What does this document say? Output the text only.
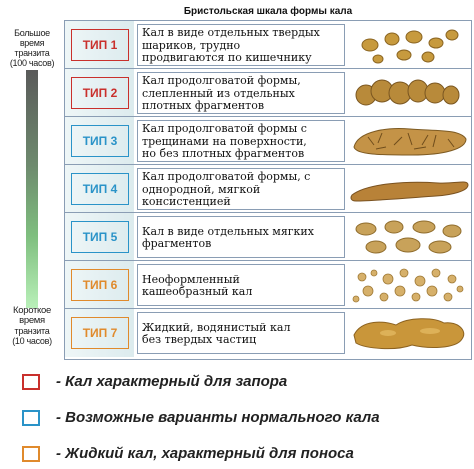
Бристольская шкала формы кала
Большое
время
транзита
(100 часов)
Короткое
время
транзита
(10 часов)
ТИП 1
Кал в виде отдельных твердых
шариков, трудно
продвигаются по кишечнику
ТИП 2
Кал продолговатой формы,
слепленный из отдельных
плотных фрагментов
ТИП 3
Кал продолговатой формы с
трещинами на поверхности,
но без плотных фрагментов
ТИП 4
Кал продолговатой формы, с
однородной, мягкой
консистенцией
ТИП 5	Кал в виде отдельных мягких
фрагментов
ТИП 6	Неоформленный
кашеобразный кал
ТИП 7	Жидкий, водянистый кал
без твердых частиц
- Кал характерный для запора
- Возможные варианты нормального кала
- Жидкий кал, характерный для поноса
